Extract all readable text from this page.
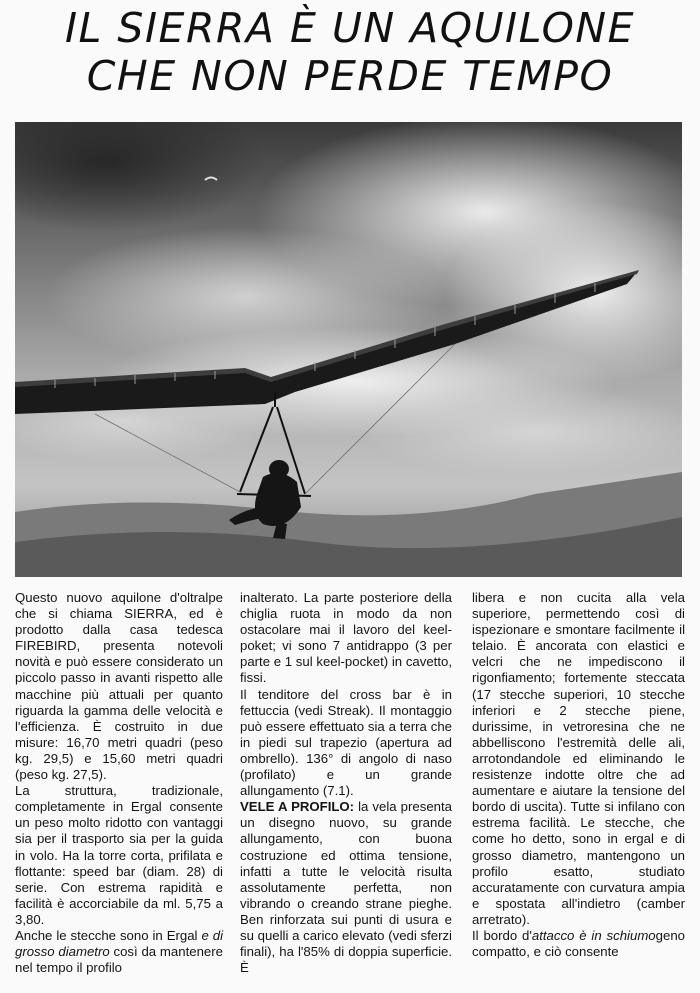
IL SIERRA È UN AQUILONE
CHE NON PERDE TEMPO

Questo nuovo aquilone d'oltralpe che si chiama SIERRA, ed è prodotto dalla casa tedesca FIREBIRD, presenta notevoli novità e può essere considerato un piccolo passo in avanti rispetto alle macchine più attuali per quanto riguarda la gamma delle velocità e l'efficienza. È costruito in due misure: 16,70 metri quadri (peso kg. 29,5) e 15,60 metri quadri (peso kg. 27,5).

La struttura, tradizionale, completamente in Ergal consente un peso molto ridotto con vantaggi sia per il trasporto sia per la guida in volo. Ha la torre corta, prifilata e flottante: speed bar (diam. 28) di serie. Con estrema rapidità e facilità è accorciabile da ml. 5,75 a 3,80.

Anche le stecche sono in Ergal e di grosso diametro così da mantenere nel tempo il profilo

inalterato. La parte posteriore della chiglia ruota in modo da non ostacolare mai il lavoro del keel-poket; vi sono 7 antidrappo (3 per parte e 1 sul keel-pocket) in cavetto, fissi.

Il tenditore del cross bar è in fettuccia (vedi Streak). Il montaggio può essere effettuato sia a terra che in piedi sul trapezio (apertura ad ombrello). 136° di angolo di naso (profilato) e un grande allungamento (7.1).

VELE A PROFILO: la vela presenta un disegno nuovo, su grande allungamento, con buona costruzione ed ottima tensione, infatti a tutte le velocità risulta assolutamente perfetta, non vibrando o creando strane pieghe. Ben rinforzata sui punti di usura e su quelli a carico elevato (vedi sferzi finali), ha l'85% di doppia superficie. È

libera e non cucita alla vela superiore, permettendo così di ispezionare e smontare facilmente il telaio. È ancorata con elastici e velcri che ne impediscono il rigonfiamento; fortemente steccata (17 stecche superiori, 10 stecche inferiori e 2 stecche piene, durissime, in vetroresina che ne abbelliscono l'estremità delle ali, arrotondandole ed eliminando le resistenze indotte oltre che ad aumentare e aiutare la tensione del bordo di uscita). Tutte si infilano con estrema facilità. Le stecche, che come ho detto, sono in ergal e di grosso diametro, mantengono un profilo esatto, studiato accuratamente con curvatura ampia e spostata all'indietro (camber arretrato).

Il bordo d'attacco è in schiumogeno compatto, e ciò consente
